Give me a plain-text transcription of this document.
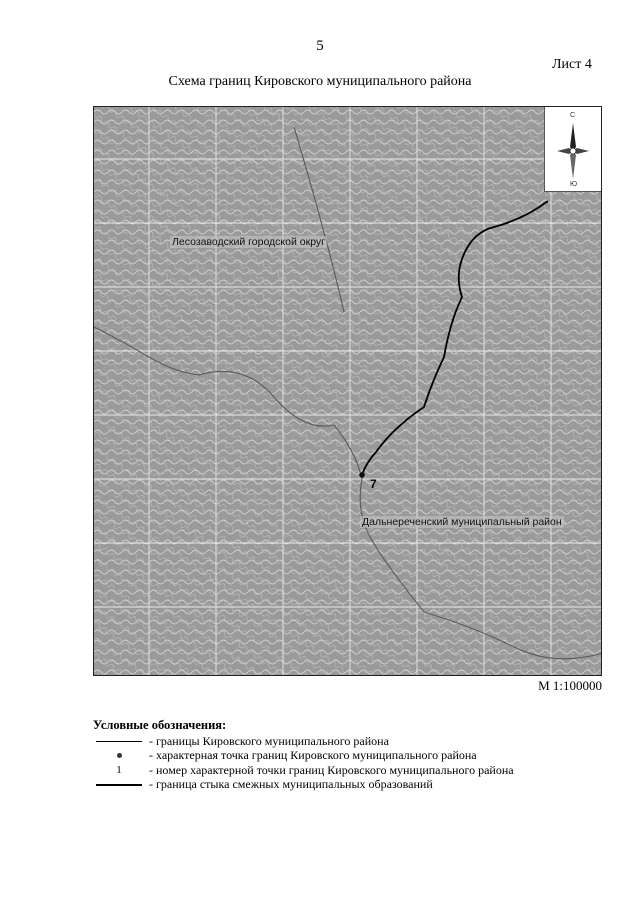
5
Лист 4
Схема границ Кировского муниципального района
Лесозаводский городской округ
Дальнереченский муниципальный район
7
С
Ю
М 1:100000
Условные обозначения:
- границы Кировского муниципального района
- характерная точка границ Кировского муниципального района
1	- номер характерной точки границ Кировского муниципального района
- граница стыка смежных муниципальных образований
